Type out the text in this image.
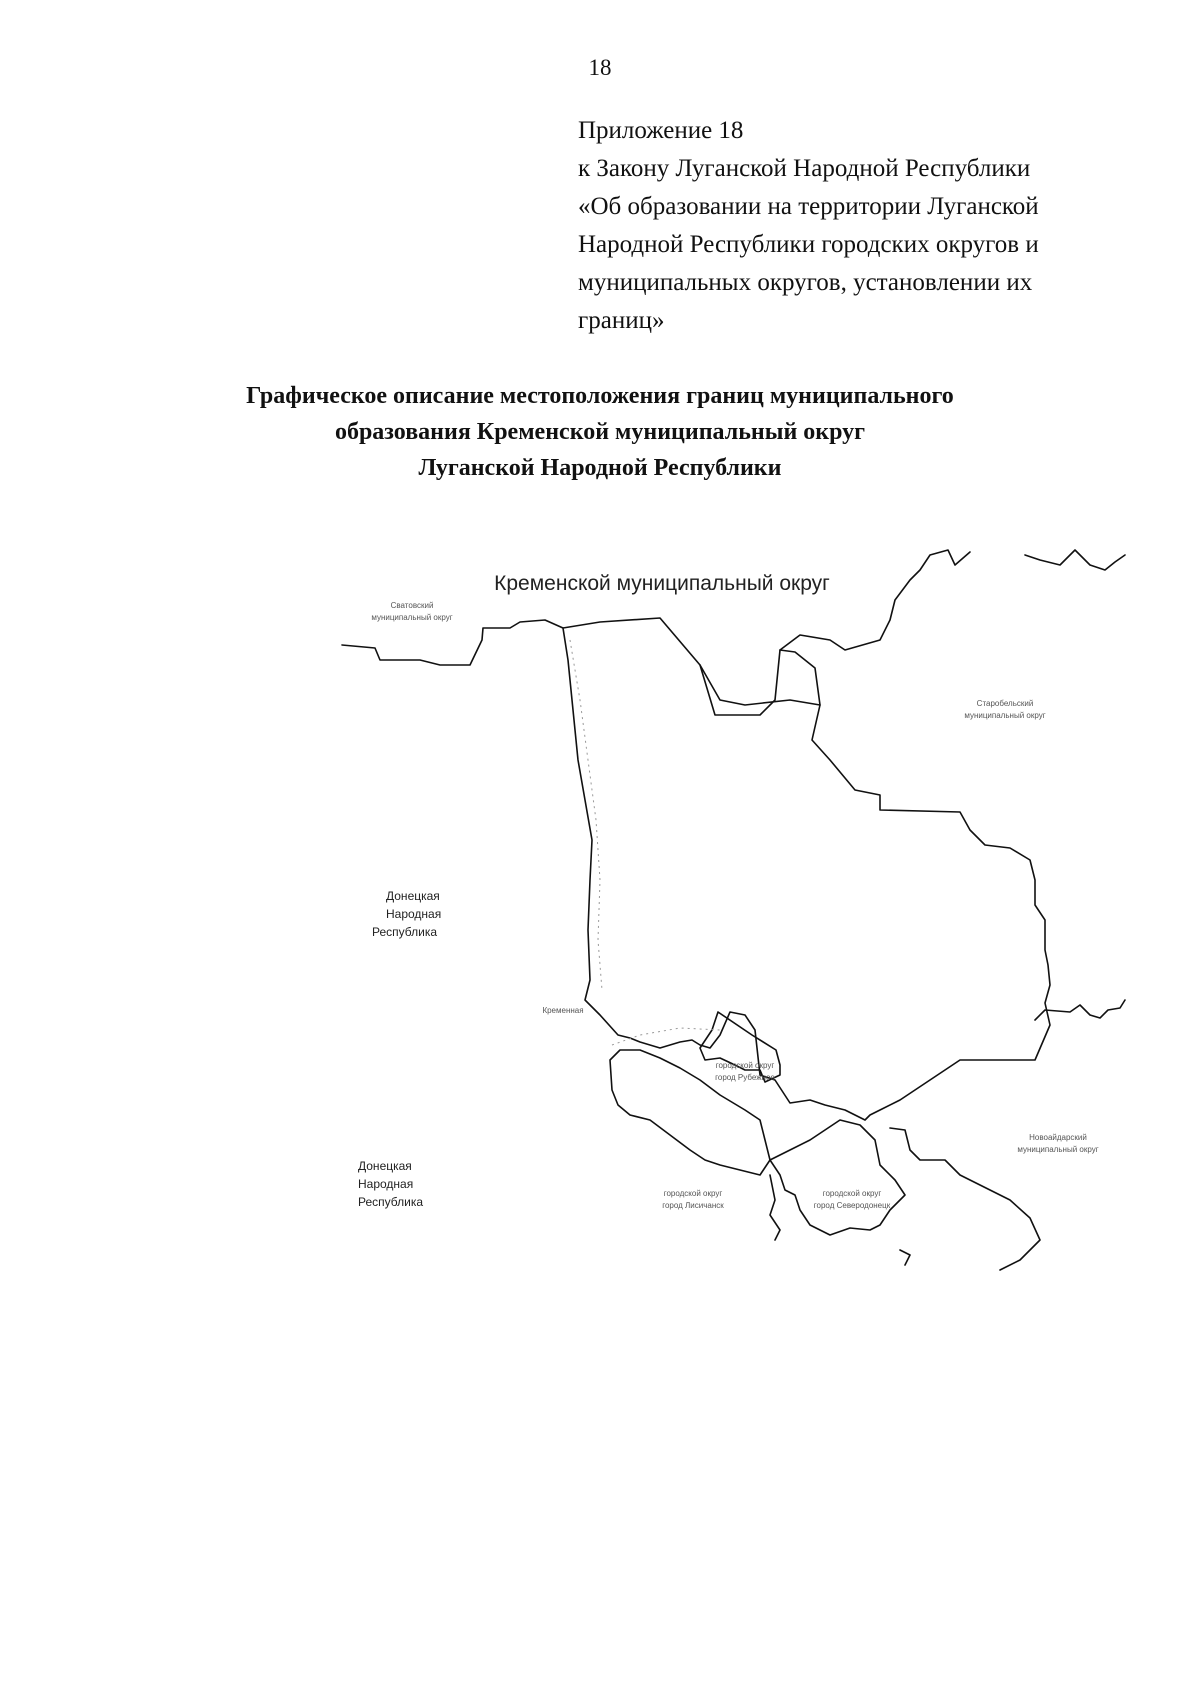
18
Приложение 18
к Закону Луганской Народной Республики
«Об образовании на территории Луганской
Народной Республики городских округов и
муниципальных округов, установлении их
границ»
Графическое описание местоположения границ муниципального
образования Кременской муниципальный округ
Луганской Народной Республики
Кременской муниципальный округ
Сватовский
муниципальный округ
Старобельский
муниципальный округ
Донецкая
Народная
Республика
Донецкая
Народная
Республика
городской округ
город Рубежное
городской округ
город Лисичанск
городской округ
город Северодонецк
Новоайдарский
муниципальный округ
Кременная
